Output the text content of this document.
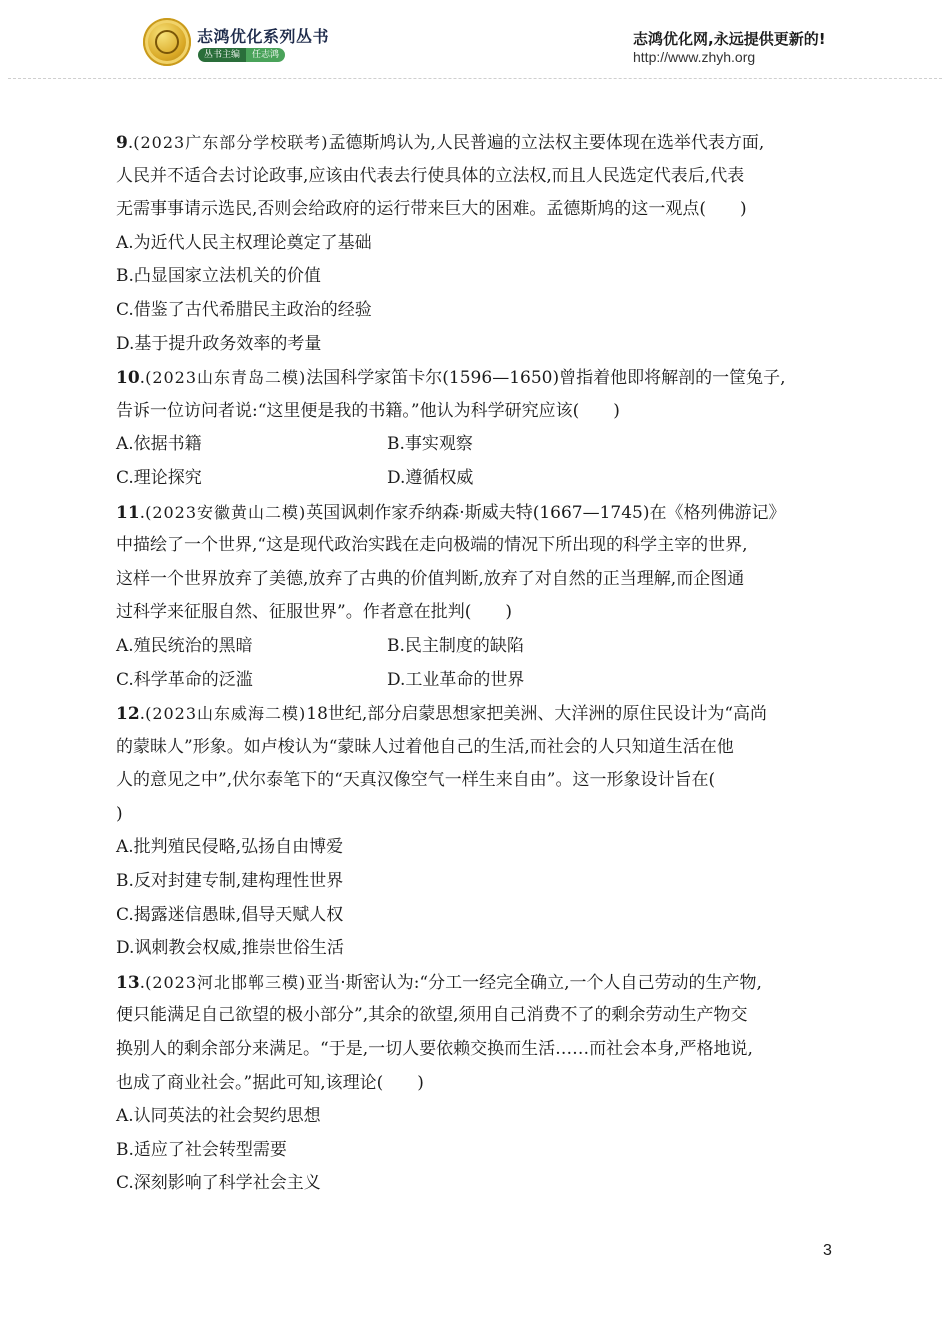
志鸿优化系列丛书
丛书主编	任志鸿
志鸿优化网,永远提供更新的!
http://www.zhyh.org
9.(2023广东部分学校联考)孟德斯鸠认为,人民普遍的立法权主要体现在选举代表方面,
人民并不适合去讨论政事,应该由代表去行使具体的立法权,而且人民选定代表后,代表
无需事事请示选民,否则会给政府的运行带来巨大的困难。孟德斯鸠的这一观点(　　)
A.为近代人民主权理论奠定了基础
B.凸显国家立法机关的价值
C.借鉴了古代希腊民主政治的经验
D.基于提升政务效率的考量
10.(2023山东青岛二模)法国科学家笛卡尔(1596—1650)曾指着他即将解剖的一筐兔子,
告诉一位访问者说:“这里便是我的书籍。”他认为科学研究应该(　　)
A.依据书籍	B.事实观察
C.理论探究	D.遵循权威
11.(2023安徽黄山二模)英国讽刺作家乔纳森·斯威夫特(1667—1745)在《格列佛游记》
中描绘了一个世界,“这是现代政治实践在走向极端的情况下所出现的科学主宰的世界,
这样一个世界放弃了美德,放弃了古典的价值判断,放弃了对自然的正当理解,而企图通
过科学来征服自然、征服世界”。作者意在批判(　　)
A.殖民统治的黑暗	B.民主制度的缺陷
C.科学革命的泛滥	D.工业革命的世界
12.(2023山东威海二模)18世纪,部分启蒙思想家把美洲、大洋洲的原住民设计为“高尚
的蒙昧人”形象。如卢梭认为“蒙昧人过着他自己的生活,而社会的人只知道生活在他
人的意见之中”,伏尔泰笔下的“天真汉像空气一样生来自由”。这一形象设计旨在(
)
A.批判殖民侵略,弘扬自由博爱
B.反对封建专制,建构理性世界
C.揭露迷信愚昧,倡导天赋人权
D.讽刺教会权威,推崇世俗生活
13.(2023河北邯郸三模)亚当·斯密认为:“分工一经完全确立,一个人自己劳动的生产物,
便只能满足自己欲望的极小部分”,其余的欲望,须用自己消费不了的剩余劳动生产物交
换别人的剩余部分来满足。“于是,一切人要依赖交换而生活……而社会本身,严格地说,
也成了商业社会。”据此可知,该理论(　　)
A.认同英法的社会契约思想
B.适应了社会转型需要
C.深刻影响了科学社会主义
3
